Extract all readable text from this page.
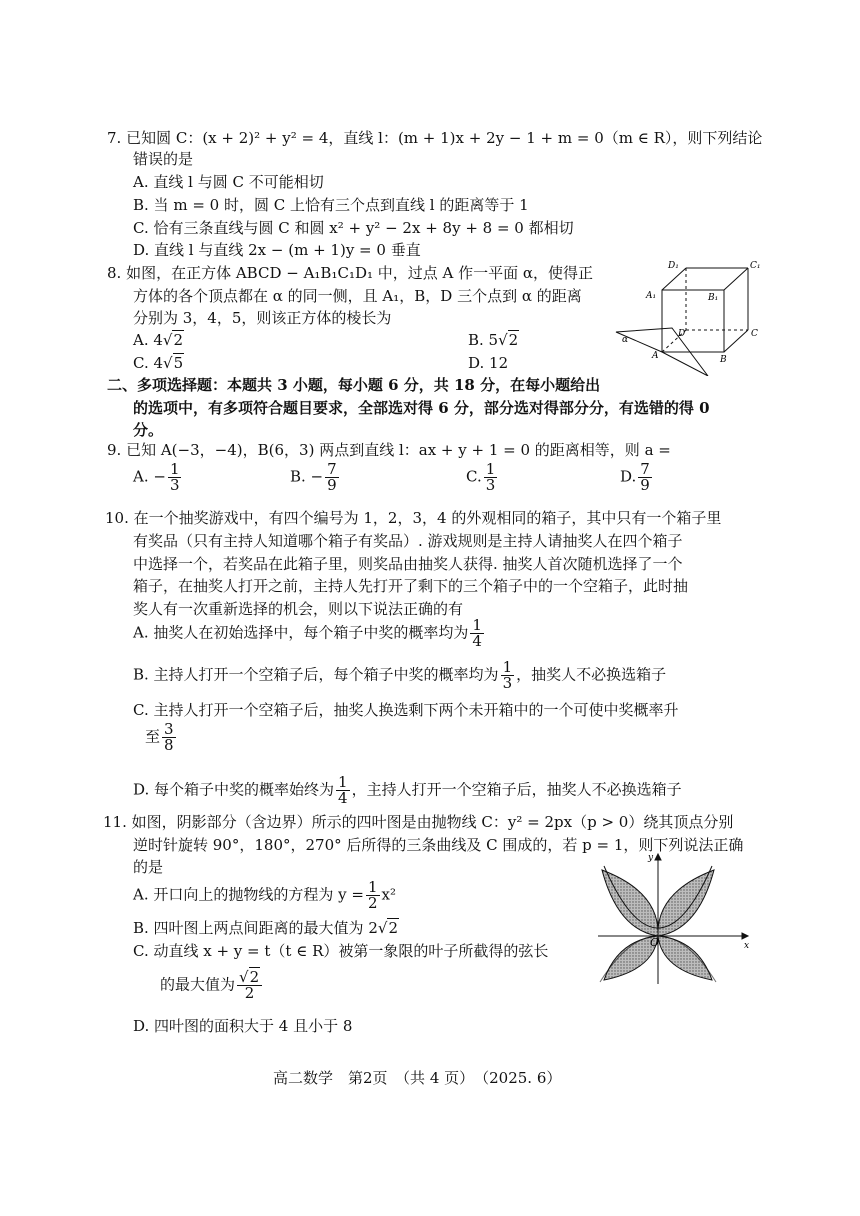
7. 已知圆 C：(x + 2)² + y² = 4，直线 l：(m + 1)x + 2y − 1 + m = 0（m ∈ R），则下列结论
错误的是
A. 直线 l 与圆 C 不可能相切
B. 当 m = 0 时，圆 C 上恰有三个点到直线 l 的距离等于 1
C. 恰有三条直线与圆 C 和圆 x² + y² − 2x + 8y + 8 = 0 都相切
D. 直线 l 与直线 2x − (m + 1)y = 0 垂直
8. 如图，在正方体 ABCD − A₁B₁C₁D₁ 中，过点 A 作一平面 α，使得正
方体的各个顶点都在 α 的同一侧，且 A₁，B，D 三个点到 α 的距离
分别为 3，4，5，则该正方体的棱长为
A. 4√2	B. 5√2
C. 4√5	D. 12
D₁	C₁
A₁	B₁
D	C
A	B
α
二、多项选择题：本题共 3 小题，每小题 6 分，共 18 分，在每小题给出
的选项中，有多项符合题目要求，全部选对得 6 分，部分选对得部分分，有选错的得 0
分。
9. 已知 A(−3，−4)，B(6，3) 两点到直线 l：ax + y + 1 = 0 的距离相等，则 a =
A. − $\frac{1}{3}$	B. − $\frac{7}{9}$	C. $\frac{1}{3}$	D. $\frac{7}{9}$
10. 在一个抽奖游戏中，有四个编号为 1，2，3，4 的外观相同的箱子，其中只有一个箱子里
有奖品（只有主持人知道哪个箱子有奖品）. 游戏规则是主持人请抽奖人在四个箱子
中选择一个，若奖品在此箱子里，则奖品由抽奖人获得. 抽奖人首次随机选择了一个
箱子，在抽奖人打开之前，主持人先打开了剩下的三个箱子中的一个空箱子，此时抽
奖人有一次重新选择的机会，则以下说法正确的有
A. 抽奖人在初始选择中，每个箱子中奖的概率均为 $\frac{1}{4}$
B. 主持人打开一个空箱子后，每个箱子中奖的概率均为 $\frac{1}{3}$ ，抽奖人不必换选箱子
C. 主持人打开一个空箱子后，抽奖人换选剩下两个未开箱中的一个可使中奖概率升
至 $\frac{3}{8}$
D. 每个箱子中奖的概率始终为 $\frac{1}{4}$ ，主持人打开一个空箱子后，抽奖人不必换选箱子
11. 如图，阴影部分（含边界）所示的四叶图是由抛物线 C：y² = 2px（p > 0）绕其顶点分别
逆时针旋转 90°，180°，270° 后所得的三条曲线及 C 围成的，若 p = 1，则下列说法正确
的是
A. 开口向上的抛物线的方程为 $y = \frac{1}{2} x^2$
B. 四叶图上两点间距离的最大值为 2√2
C. 动直线 x + y = t（t ∈ R）被第一象限的叶子所截得的弦长
的最大值为 $\frac{√2}{2}$
D. 四叶图的面积大于 4 且小于 8
y
x
O
高二数学　第2页　（共 4 页）　（2025. 6）
